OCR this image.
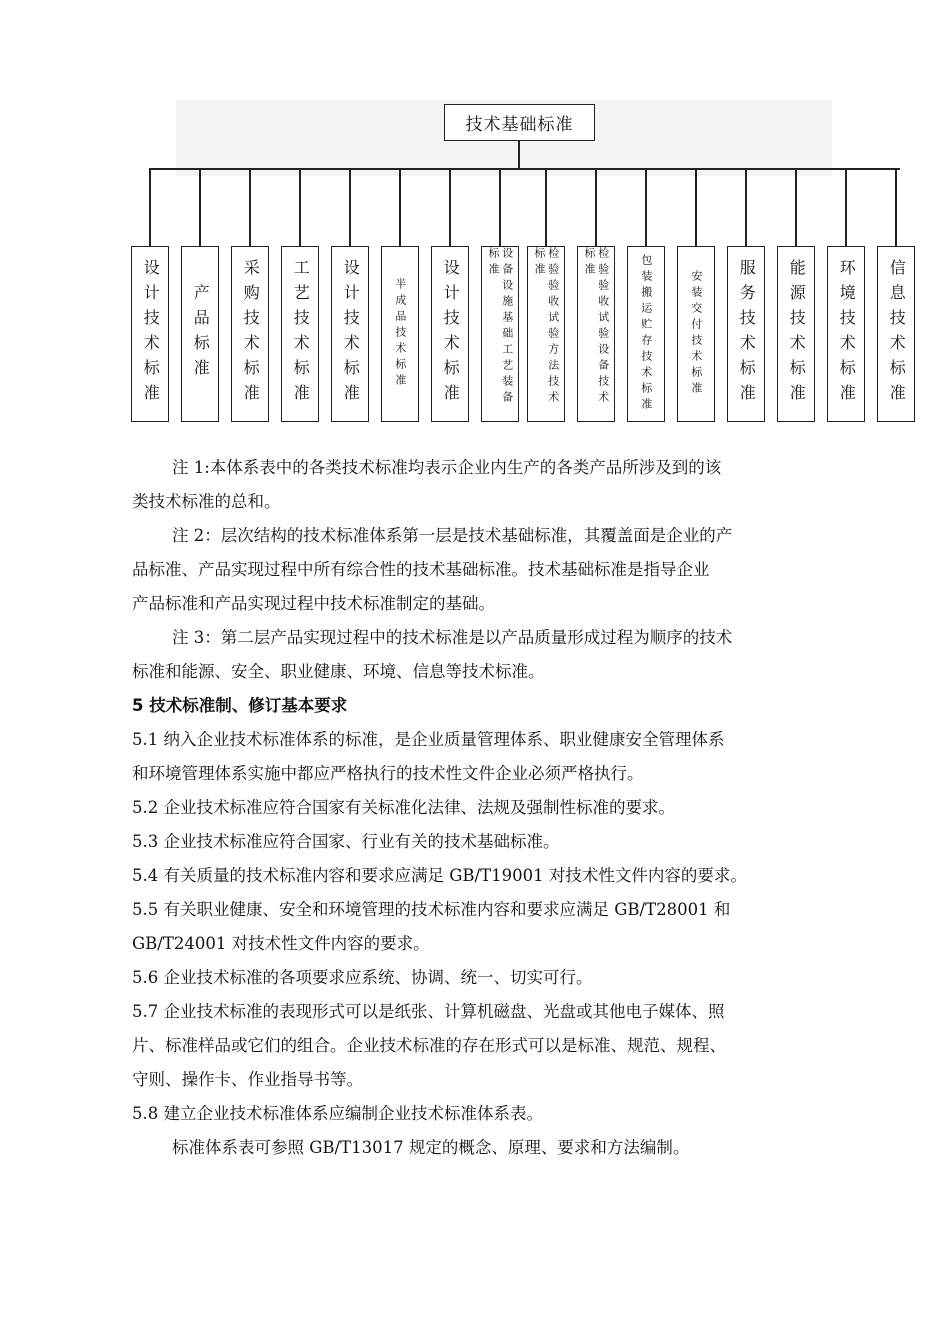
技术基础标准
设计技术标准 产品标准 采购技术标准 工艺技术标准 设计技术标准	半成品技术标准 设计技术标准	设备设施基础工艺装备标准	检验验收试验方法技术标准	检验验收试验设备技术标准	包装搬运贮存技术标准	安装交付技术标准 服务技术标准 能源技术标准 环境技术标准 信息技术标准
注 1:本体系表中的各类技术标准均表示企业内生产的各类产品所涉及到的该
类技术标准的总和。
注 2：层次结构的技术标准体系第一层是技术基础标准，其覆盖面是企业的产
品标准、产品实现过程中所有综合性的技术基础标准。技术基础标准是指导企业
产品标准和产品实现过程中技术标准制定的基础。
注 3：第二层产品实现过程中的技术标准是以产品质量形成过程为顺序的技术
标准和能源、安全、职业健康、环境、信息等技术标准。
5 技术标准制、修订基本要求
5.1 纳入企业技术标准体系的标准，是企业质量管理体系、职业健康安全管理体系
和环境管理体系实施中都应严格执行的技术性文件企业必须严格执行。
5.2 企业技术标准应符合国家有关标准化法律、法规及强制性标准的要求。
5.3 企业技术标准应符合国家、行业有关的技术基础标准。
5.4 有关质量的技术标准内容和要求应满足 GB/T19001 对技术性文件内容的要求。
5.5 有关职业健康、安全和环境管理的技术标准内容和要求应满足 GB/T28001 和
GB/T24001 对技术性文件内容的要求。
5.6 企业技术标准的各项要求应系统、协调、统一、切实可行。
5.7 企业技术标准的表现形式可以是纸张、计算机磁盘、光盘或其他电子媒体、照
片、标准样品或它们的组合。企业技术标准的存在形式可以是标准、规范、规程、
守则、操作卡、作业指导书等。
5.8 建立企业技术标准体系应编制企业技术标准体系表。
标准体系表可参照 GB/T13017 规定的概念、原理、要求和方法编制。
